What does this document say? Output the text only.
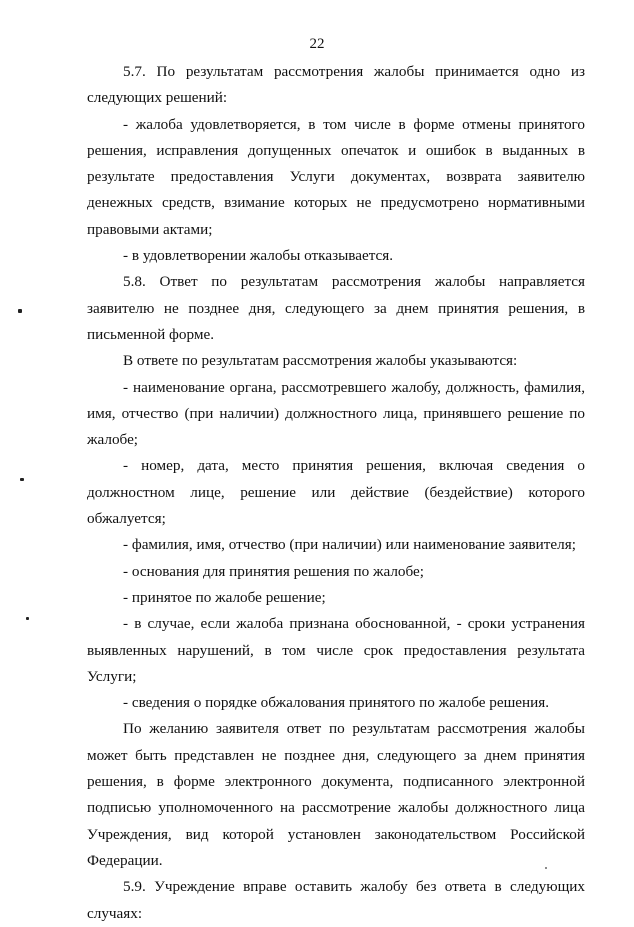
22

5.7. По результатам рассмотрения жалобы принимается одно из следующих решений:

- жалоба удовлетворяется, в том числе в форме отмены принятого решения, исправления допущенных опечаток и ошибок в выданных в результате предоставления Услуги документах, возврата заявителю денежных средств, взимание которых не предусмотрено нормативными правовыми актами;

- в удовлетворении жалобы отказывается.

5.8. Ответ по результатам рассмотрения жалобы направляется заявителю не позднее дня, следующего за днем принятия решения, в письменной форме.

В ответе по результатам рассмотрения жалобы указываются:

- наименование органа, рассмотревшего жалобу, должность, фамилия, имя, отчество (при наличии) должностного лица, принявшего решение по жалобе;

- номер, дата, место принятия решения, включая сведения о должностном лице, решение или действие (бездействие) которого обжалуется;

- фамилия, имя, отчество (при наличии) или наименование заявителя;

- основания для принятия решения по жалобе;

- принятое по жалобе решение;

- в случае, если жалоба признана обоснованной, - сроки устранения выявленных нарушений, в том числе срок предоставления результата Услуги;

- сведения о порядке обжалования принятого по жалобе решения.

По желанию заявителя ответ по результатам рассмотрения жалобы может быть представлен не позднее дня, следующего за днем принятия решения, в форме электронного документа, подписанного электронной подписью уполномоченного на рассмотрение жалобы должностного лица Учреждения, вид которой установлен законодательством Российской Федерации.

5.9. Учреждение вправе оставить жалобу без ответа в следующих случаях:
